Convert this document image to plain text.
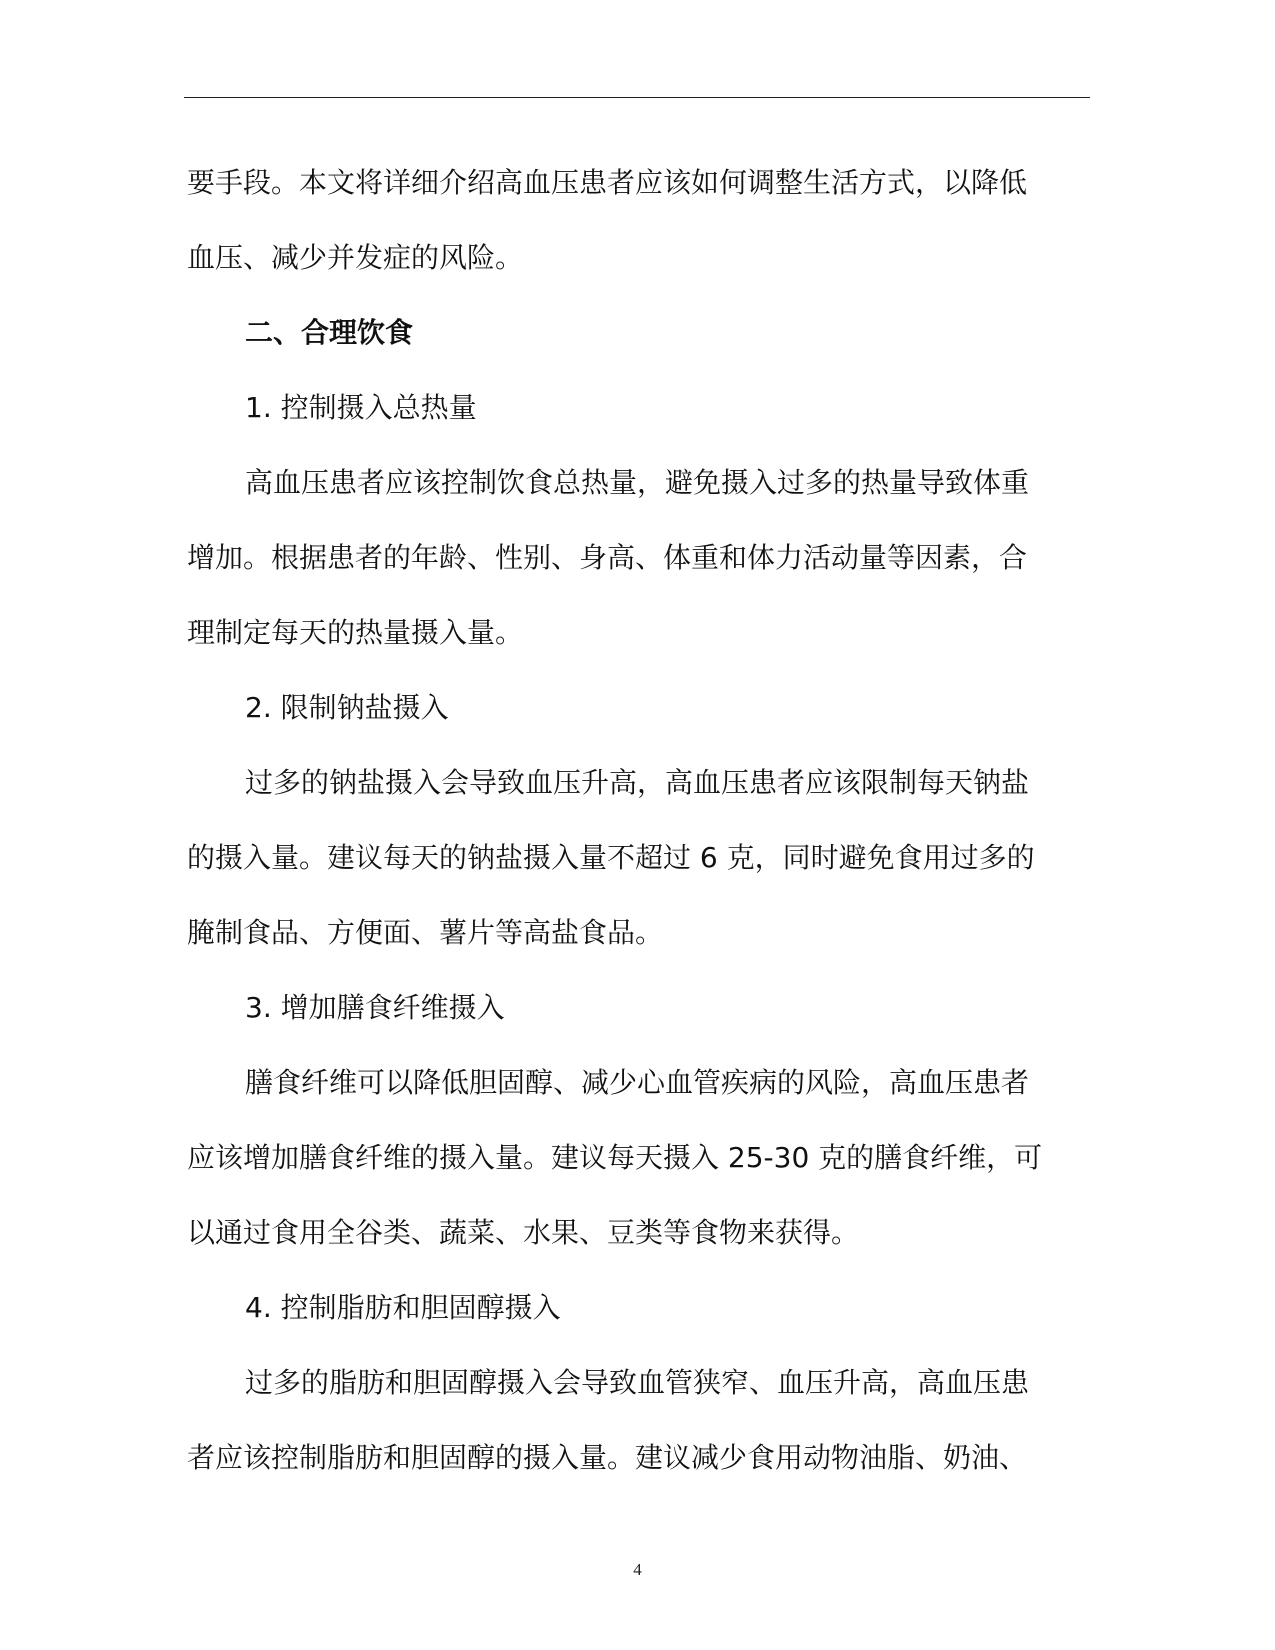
要手段。本文将详细介绍高血压患者应该如何调整生活方式，以降低
血压、减少并发症的风险。
二、合理饮食
1. 控制摄入总热量
高血压患者应该控制饮食总热量，避免摄入过多的热量导致体重
增加。根据患者的年龄、性别、身高、体重和体力活动量等因素，合
理制定每天的热量摄入量。
2. 限制钠盐摄入
过多的钠盐摄入会导致血压升高，高血压患者应该限制每天钠盐
的摄入量。建议每天的钠盐摄入量不超过 6 克，同时避免食用过多的
腌制食品、方便面、薯片等高盐食品。
3. 增加膳食纤维摄入
膳食纤维可以降低胆固醇、减少心血管疾病的风险，高血压患者
应该增加膳食纤维的摄入量。建议每天摄入 25-30 克的膳食纤维，可
以通过食用全谷类、蔬菜、水果、豆类等食物来获得。
4. 控制脂肪和胆固醇摄入
过多的脂肪和胆固醇摄入会导致血管狭窄、血压升高，高血压患
者应该控制脂肪和胆固醇的摄入量。建议减少食用动物油脂、奶油、
4
